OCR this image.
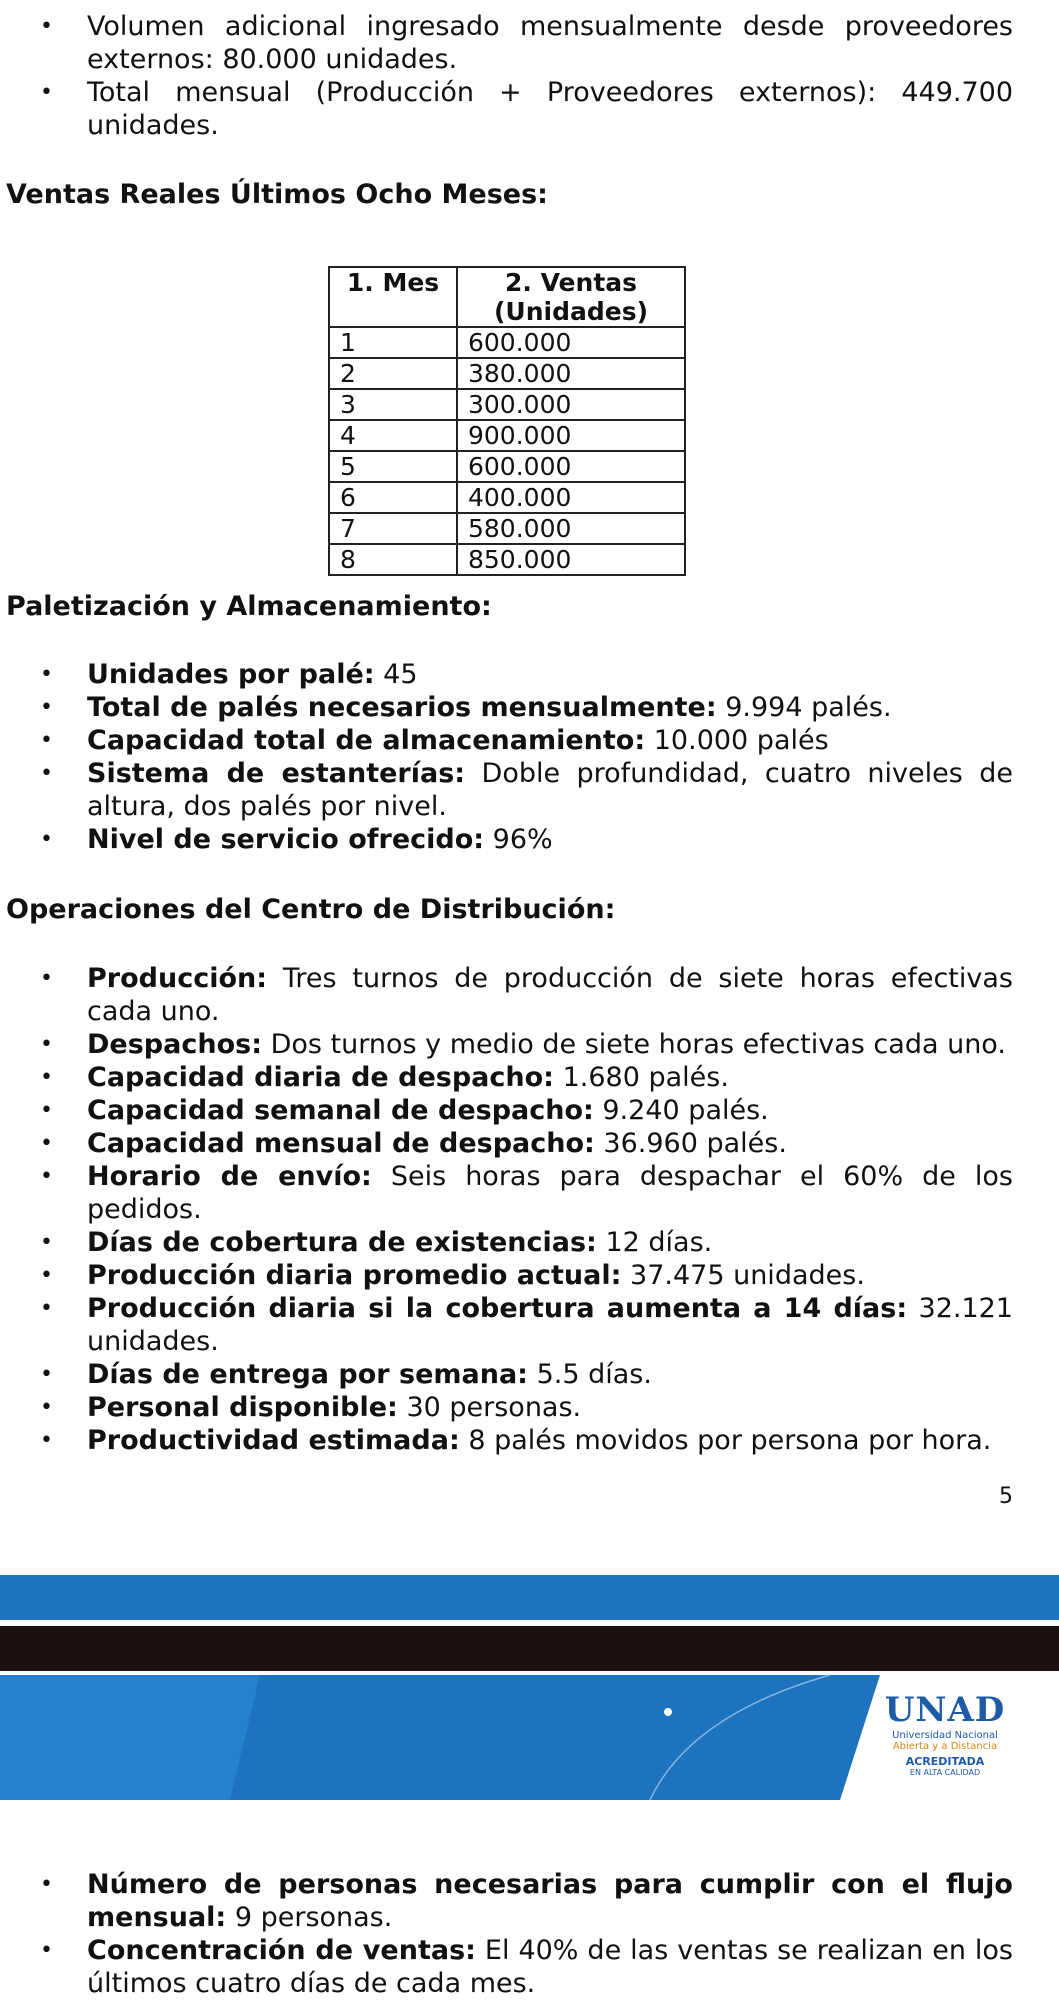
• Volumen adicional ingresado mensualmente desde proveedores externos: 80.000 unidades.
• Total mensual (Producción + Proveedores externos): 449.700 unidades.
Ventas Reales Últimos Ocho Meses:
1. Mes	2. Ventas (Unidades)
1	600.000
2	380.000
3	300.000
4	900.000
5	600.000
6	400.000
7	580.000
8	850.000
Paletización y Almacenamiento:
• Unidades por palé: 45
• Total de palés necesarios mensualmente: 9.994 palés.
• Capacidad total de almacenamiento: 10.000 palés
• Sistema de estanterías: Doble profundidad, cuatro niveles de altura, dos palés por nivel.
• Nivel de servicio ofrecido: 96%
Operaciones del Centro de Distribución:
• Producción: Tres turnos de producción de siete horas efectivas cada uno.
• Despachos: Dos turnos y medio de siete horas efectivas cada uno.
• Capacidad diaria de despacho: 1.680 palés.
• Capacidad semanal de despacho: 9.240 palés.
• Capacidad mensual de despacho: 36.960 palés.
• Horario de envío: Seis horas para despachar el 60% de los pedidos.
• Días de cobertura de existencias: 12 días.
• Producción diaria promedio actual: 37.475 unidades.
• Producción diaria si la cobertura aumenta a 14 días: 32.121 unidades.
• Días de entrega por semana: 5.5 días.
• Personal disponible: 30 personas.
• Productividad estimada: 8 palés movidos por persona por hora.
5
UNAD
Universidad Nacional
Abierta y a Distancia
ACREDITADA
EN ALTA CALIDAD
• Número de personas necesarias para cumplir con el flujo mensual: 9 personas.
• Concentración de ventas: El 40% de las ventas se realizan en los últimos cuatro días de cada mes.
